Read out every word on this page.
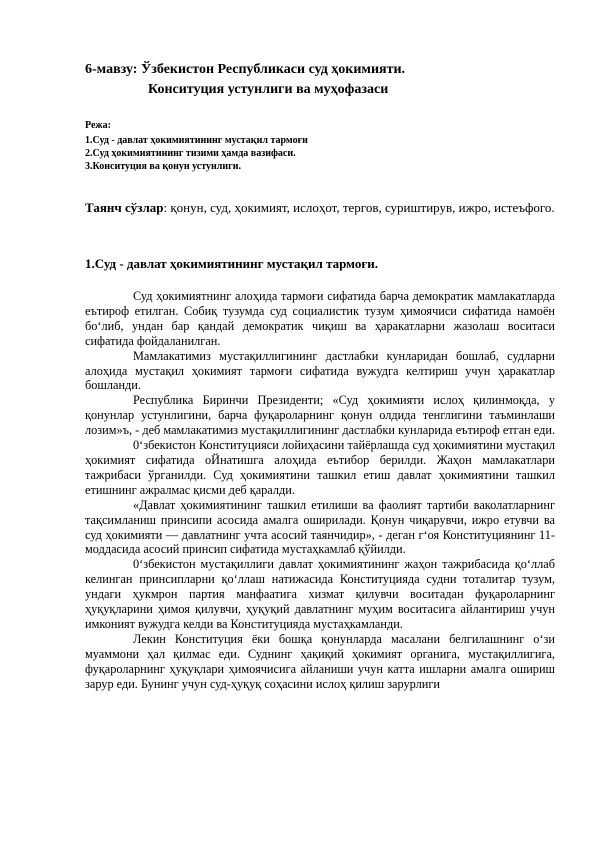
6-мавзу: Ўзбекистон Республикаси суд ҳокимияти.
Конситуция устунлиги ва муҳофазаси
Режа:
1.Суд - давлат ҳокимиятининг мустақил тармоғи
2.Суд ҳокимиятининг тизими ҳамда вазифаси.
3.Конситуция ва қонун устунлиги.
Таянч сўзлар: қонун, суд, ҳокимият, ислоҳот, тергов, суриштирув, ижро, истеъфого.
1.Суд - давлат ҳокимиятининг мустақил тармоғи.

Суд ҳокимиятнинг алоҳида тармоғи сифатида барча демократик мамлакатларда еътироф етилган. Собиқ тузумда суд социалистик тузум ҳимоячиси сифатида намоён бо‘либ, ундан бар қандай демократик чиқиш ва ҳаракатларни жазолаш воситаси сифатида фойдаланилган.

Мамлакатимиз мустақиллигининг дастлабки кунларидан бошлаб, судларни алоҳида мустақил ҳокимият тармоғи сифатида вужудга келтириш учун ҳаракатлар бошланди.

Республика Биринчи Президенти; «Суд ҳокимияти ислоҳ қилинмоқда, у қонунлар устунлигини, барча фуқароларнинг қонун олдида тенглигини таъминлаши лозим»ъ, - деб мамлакатимиз мустақиллигининг дастлабки кунларида еътироф етган еди.

0‘збекистон Конституцияси лойиҳасини тайёрлашда суд ҳокимиятини мустақил ҳокимият сифатида оЙнатишга алоҳида еътибор берилди. Жаҳон мамлакатлари тажрибаси ўрганилди. Суд ҳокимиятини ташкил етиш давлат ҳокимиятини ташкил етишнинг ажралмас қисми деб қаралди.

«Давлат ҳокимиятининг ташкил етилиши ва фаолият тартиби ваколатларнинг тақсимланиш принсипи асосида амалга оширилади. Қонун чиқарувчи, ижро етувчи ва суд ҳокимияти — давлатнинг учта асосий таянчидир», - деган г‘оя Конституциянинг 11-моддасида асосий принсип сифатида мустаҳкамлаб қўйилди.

0‘збекистон мустақиллиги давлат ҳокимиятининг жаҳон тажрибасида қо‘ллаб келинган принсипларни қо‘ллаш натижасида Конституцияда судни тоталитар тузум, ундаги ҳукмрон партия манфаатига хизмат қилувчи воситадан фуқароларнинг ҳуқуқларини ҳимоя қилувчи, ҳуқуқий давлатнинг муҳим воситасига айлантириш учун имконият вужудга келди ва Конституцияда мустаҳкамланди.

Лекин Конституция ёки бошқа қонунларда масалани белгилашнинг о‘зи муаммони ҳал қилмас еди. Суднинг ҳақиқий ҳокимият органига, мустақиллигига, фуқароларнинг ҳуқуқлари ҳимоячисига айланиши учун катта ишларни амалга ошириш зарур еди. Бунинг учун суд-ҳуқуқ соҳасини ислоҳ қилиш зарурлиги
